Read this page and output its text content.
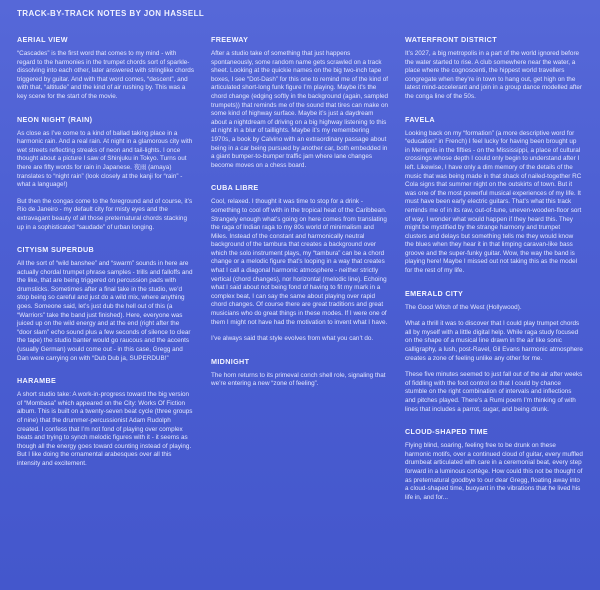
TRACK-BY-TRACK NOTES BY JON HASSELL
AERIAL VIEW
“Cascades” is the first word that comes to my mind - with regard to the harmonies in the trumpet chords sort of sparkle-dissolving into each other, later answered with stringlike chords triggered by guitar. And with that word comes, “descent”, and with that, “altitude” and the kind of air rushing by. This was a key scene for the start of the movie.
NEON NIGHT (RAIN)
As close as I’ve come to a kind of ballad taking place in a harmonic rain. And a real rain. At night in a glamorous city with wet streets reflecting streaks of neon and tail-lights. I once thought about a picture I saw of Shinjuku in Tokyo. Turns out there are fifty words for rain in Japanese. 夜雨 (amaya) translates to “night rain” (look closely at the kanji for “rain” - what a language!)
But then the congas come to the foreground and of course, it’s Rio de Janeiro - my default city for misty eyes and the extravagant beauty of all those preternatural chords stacking up in a sophisticated “saudade” of urban longing.
CITYISM SUPERDUB
All the sort of “wild banshee” and “swarm” sounds in here are actually chordal trumpet phrase samples - trills and falloffs and the like, that are being triggered on percussion pads with drumsticks. Sometimes after a final take in the studio, we’d stop being so careful and just do a wild mix, where anything goes. Someone said, let’s just dub the hell out of this (a “Warriors” take the band just finished). Here, everyone was juiced up on the wild energy and at the end (right after the “door slam” echo sound plus a few seconds of silence to clear the tape) the studio banter would go raucous and the accents (usually German) would come out - in this case, Gregg and Dan were carrying on with “Dub Dub ja, SUPERDUB!”
HARAMBE
A short studio take: A work-in-progress toward the big version of “Mombasa” which appeared on the City: Works Of Fiction album. This is built on a twenty-seven beat cycle (three groups of nine) that the drummer-percussionist Adam Rudolph created. I confess that I’m not fond of playing over complex beats and trying to synch melodic figures with it - it seems as though all the energy goes toward counting instead of playing. But I like doing the ornamental arabesques over all this intensity and excitement.
FREEWAY
After a studio take of something that just happens spontaneously, some random name gets scrawled on a track sheet. Looking at the quickie names on the big two-inch tape boxes, I see “Dot-Dash” for this one to remind me of the kind of articulated short-long funk figure I’m playing. Maybe it’s the chord change (edging softly in the background (again, sampled trumpets)) that reminds me of the sound that tires can make on some kind of highway surface. Maybe it’s just a daydream about a nightdream of driving on a big highway listening to this at night in a blur of taillights. Maybe it’s my remembering 1970s, a book by Calvino with an extraordinary passage about being in a car being pursued by another car, both embedded in a giant bumper-to-bumper traffic jam where lane changes become moves on a chess board.
CUBA LIBRE
Cool, relaxed. I thought it was time to stop for a drink - something to cool off with in the tropical heat of the Caribbean. Strangely enough what’s going on here comes from translating the raga of Indian raga to my 80s world of minimalism and Miles. Instead of the constant and harmonically neutral background of the tambura that creates a background over which the solo instrument plays, my “tambura” can be a chord change or a melodic figure that’s looping in a way that creates what I call a diagonal harmonic atmosphere - neither strictly vertical (chord changes), nor horizontal (melodic line). Echoing what I said about not being fond of having to fit my mark in a complex beat, I can say the same about playing over rapid chord changes. Of course there are great traditions and great musicians who do great things in these modes. If I were one of them I might not have had the motivation to invent what I have.
I’ve always said that style evolves from what you can’t do.
MIDNIGHT
The horn returns to its primeval conch shell role, signaling that we’re entering a new “zone of feeling”.
WATERFRONT DISTRICT
It’s 2027, a big metropolis in a part of the world ignored before the water started to rise. A club somewhere near the water, a place where the cognoscenti, the hippest world travellers congregate when they’re in town to hang out, get high on the latest mind-accelerant and join in a group dance modelled after the conga line of the 50s.
FAVELA
Looking back on my “formation” (a more descriptive word for “education” in French) I feel lucky for having been brought up in Memphis in the fifties - on the Mississippi, a place of cultural crossings whose depth I could only begin to understand after I left. Likewise, I have only a dim memory of the details of the music that was being made in that shack of nailed-together RC Cola signs that summer night on the outskirts of town. But it was one of the most powerful musical experiences of my life. It must have been early electric guitars. That’s what this track reminds me of in its raw, out-of-tune, uneven-wooden-floor sort of way. I wonder what would happen if they heard this. They might be mystified by the strange harmony and trumpet clusters and delays but something tells me they would know the blues when they hear it in that limping caravan-like bass groove and the super-funky guitar. Wow, the way the band is playing here! Maybe I missed out not taking this as the model for the rest of my life.
EMERALD CITY
The Good Witch of the West (Hollywood).
What a thrill it was to discover that I could play trumpet chords all by myself with a little digital help. While raga study focused on the shape of a musical line drawn in the air like sonic calligraphy, a lush, post-Ravel, Gil Evans harmonic atmosphere creates a zone of feeling unlike any other for me.
These five minutes seemed to just fall out of the air after weeks of fiddling with the foot control so that I could by chance stumble on the right combination of intervals and inflections and pitches played. There’s a Rumi poem I’m thinking of with lines that includes a parrot, sugar, and being drunk.
CLOUD-SHAPED TIME
Flying blind, soaring, feeling free to be drunk on these harmonic motifs, over a continued cloud of guitar, every muffled drumbeat articulated with care in a ceremonial beat, every step forward in a luminous cortège. How could this not be thought of as preternatural goodbye to our dear Gregg, floating away into a cloud-shaped time, buoyant in the vibrations that he lived his life in, and for...
